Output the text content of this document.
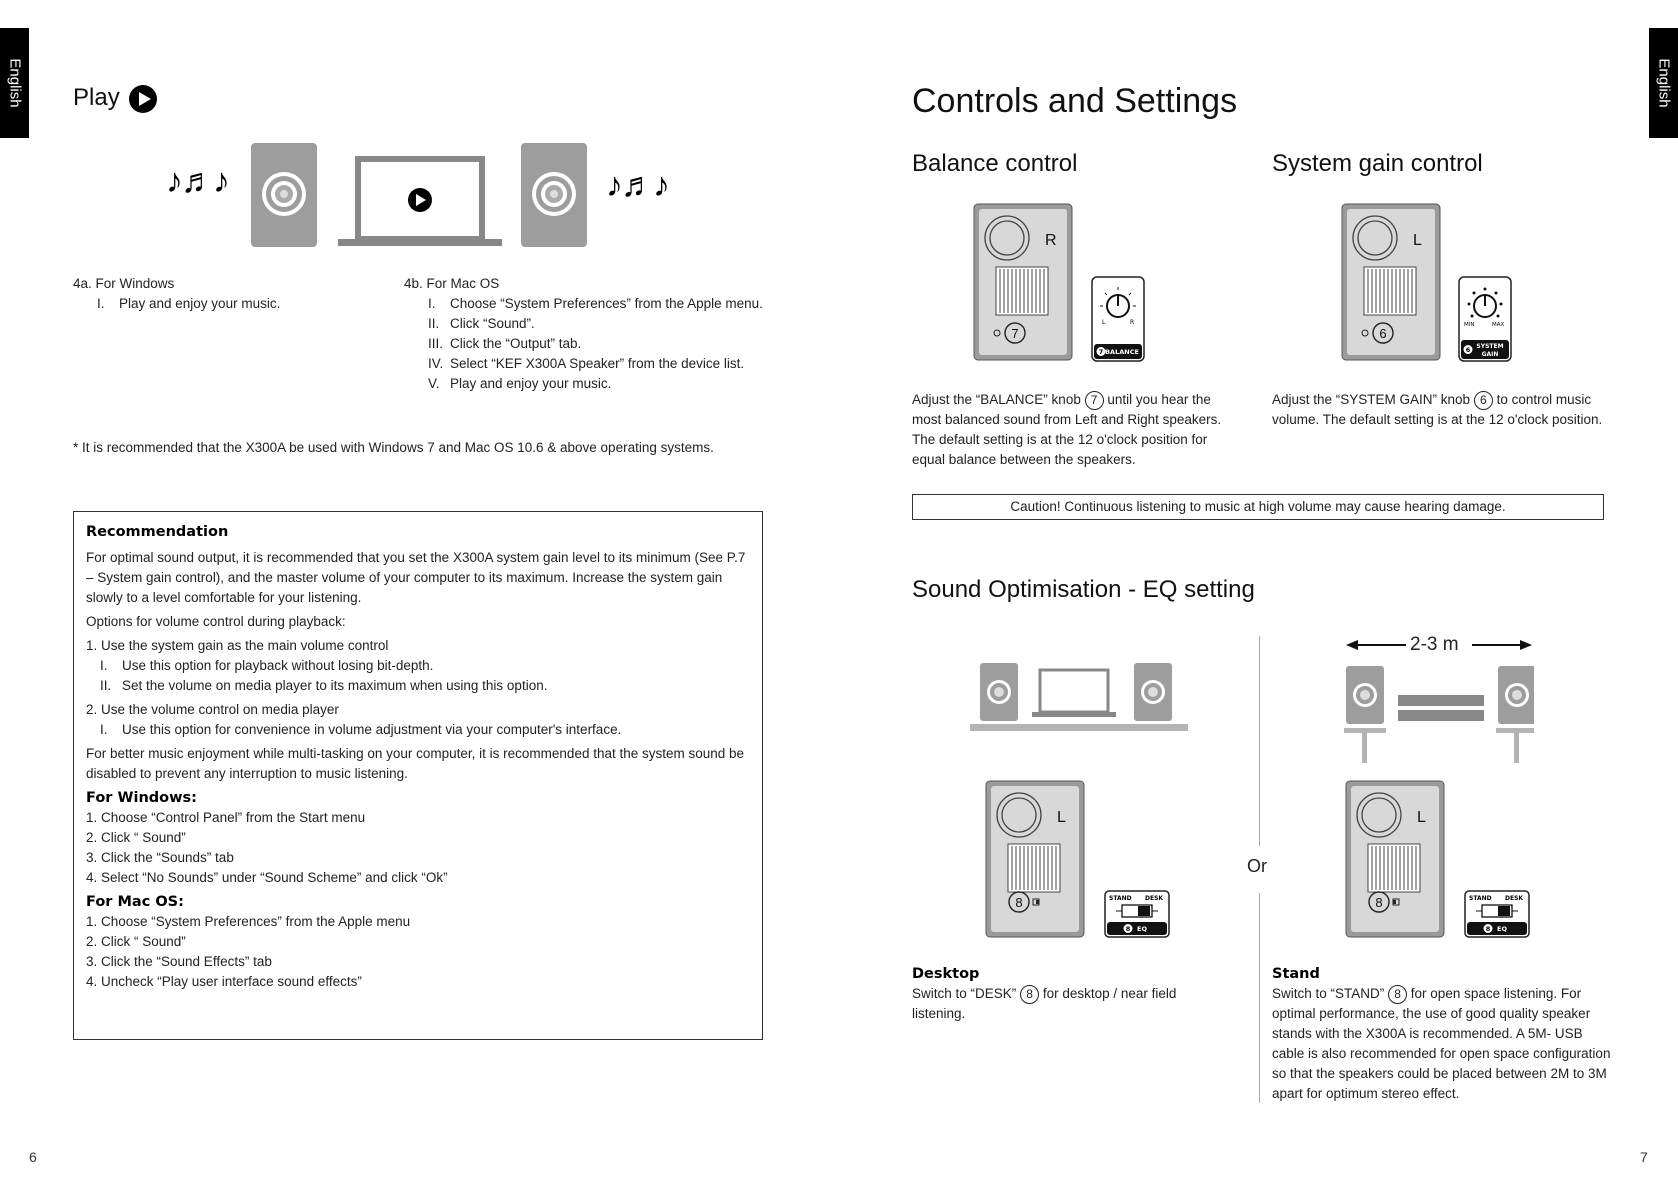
English	English
Play
♪♬♪	♪♬♪
4a. For Windows
I.	Play and enjoy your music.
4b. For Mac OS
I.	Choose “System Preferences” from the Apple menu.
II. Click “Sound”.
III. Click the “Output” tab.
IV. Select “KEF X300A Speaker” from the device list.
V. Play and enjoy your music.
* It is recommended that the X300A be used with Windows 7 and Mac OS 10.6 & above operating systems.
Recommendation
For optimal sound output, it is recommended that you set the X300A system gain level to its minimum (See P.7 – System gain control), and the master volume of your computer to its maximum. Increase the system gain slowly to a level comfortable for your listening.
Options for volume control during playback:
1. Use the system gain as the main volume control
I.	Use this option for playback without losing bit-depth.
II. Set the volume on media player to its maximum when using this option.
2. Use the volume control on media player
I.	Use this option for convenience in volume adjustment via your computer's interface.
For better music enjoyment while multi-tasking on your computer, it is recommended that the system sound be disabled to prevent any interruption to music listening.
For Windows:
1. Choose “Control Panel” from the Start menu
2. Click “ Sound”
3. Click the “Sounds” tab
4. Select “No Sounds” under “Sound Scheme” and click “Ok”
For Mac OS:
1. Choose “System Preferences” from the Apple menu
2. Click “ Sound”
3. Click the “Sound Effects” tab
4. Uncheck “Play user interface sound effects”
6
Controls and Settings
Balance control
R
7
L	R
7 BALANCE
Adjust the “BALANCE” knob 7 until you hear the most balanced sound from Left and Right speakers. The default setting is at the 12 o'clock position for equal balance between the speakers.
System gain control
L
6
MIN	MAX
6 SYSTEM
GAIN
Adjust the “SYSTEM GAIN” knob 6 to control music volume. The default setting is at the 12 o'clock position.
Caution! Continuous listening to music at high volume may cause hearing damage.
Sound Optimisation - EQ setting
2-3 m
Or
L
8	STAND DESK
8 EQ
L
8	STAND DESK
8 EQ
Desktop
Switch to “DESK” 8 for desktop / near field listening.
Stand
Switch to “STAND” 8 for open space listening. For optimal performance, the use of good quality speaker stands with the X300A is recommended. A 5M- USB cable is also recommended for open space configuration so that the speakers could be placed between 2M to 3M apart for optimum stereo effect.
7
